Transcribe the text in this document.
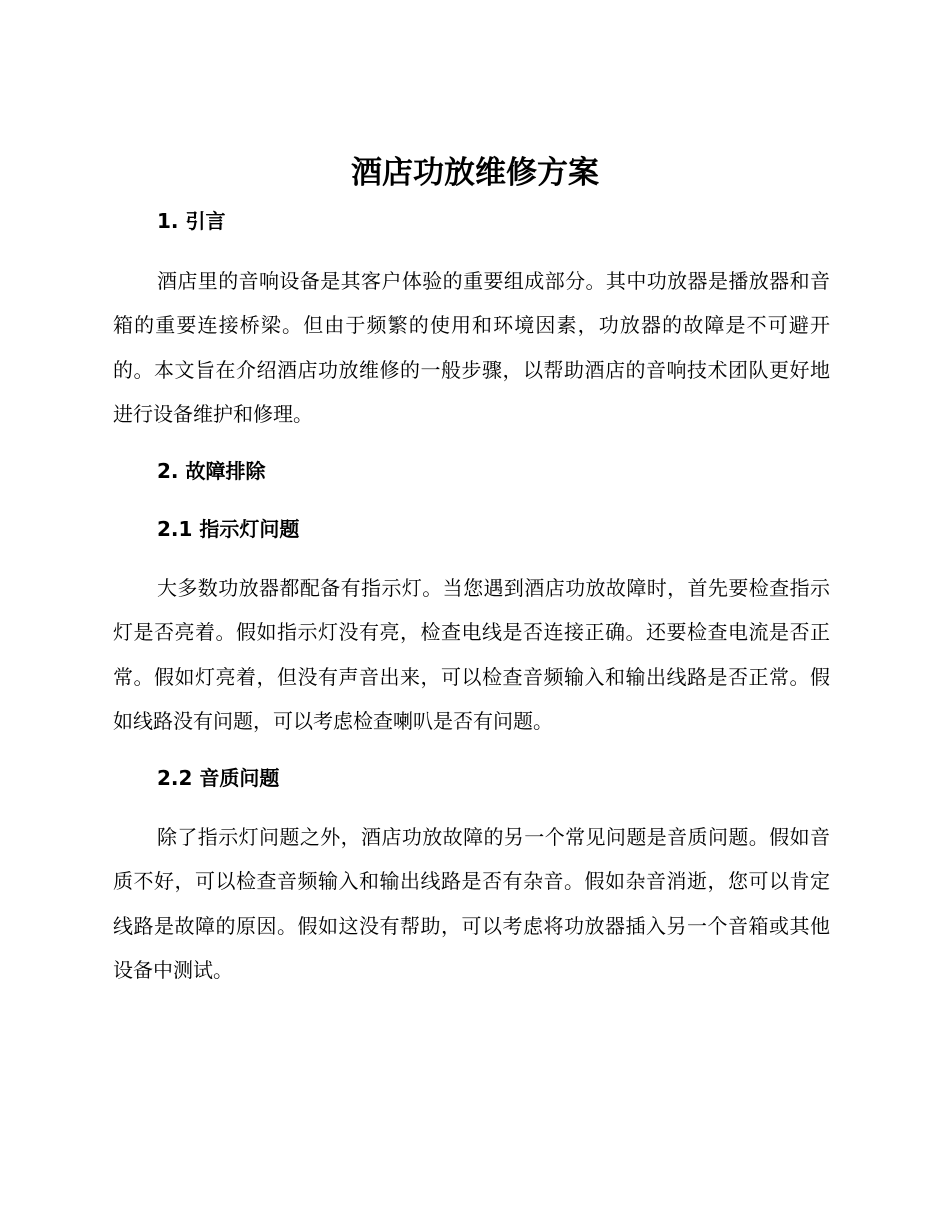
酒店功放维修方案
1. 引言

酒店里的音响设备是其客户体验的重要组成部分。其中功放器是播放器和音箱的重要连接桥梁。但由于频繁的使用和环境因素，功放器的故障是不可避开的。本文旨在介绍酒店功放维修的一般步骤，以帮助酒店的音响技术团队更好地进行设备维护和修理。

2. 故障排除
2.1 指示灯问题

大多数功放器都配备有指示灯。当您遇到酒店功放故障时，首先要检查指示灯是否亮着。假如指示灯没有亮，检查电线是否连接正确。还要检查电流是否正常。假如灯亮着，但没有声音出来，可以检查音频输入和输出线路是否正常。假如线路没有问题，可以考虑检查喇叭是否有问题。

2.2 音质问题

除了指示灯问题之外，酒店功放故障的另一个常见问题是音质问题。假如音质不好，可以检查音频输入和输出线路是否有杂音。假如杂音消逝，您可以肯定线路是故障的原因。假如这没有帮助，可以考虑将功放器插入另一个音箱或其他设备中测试。
